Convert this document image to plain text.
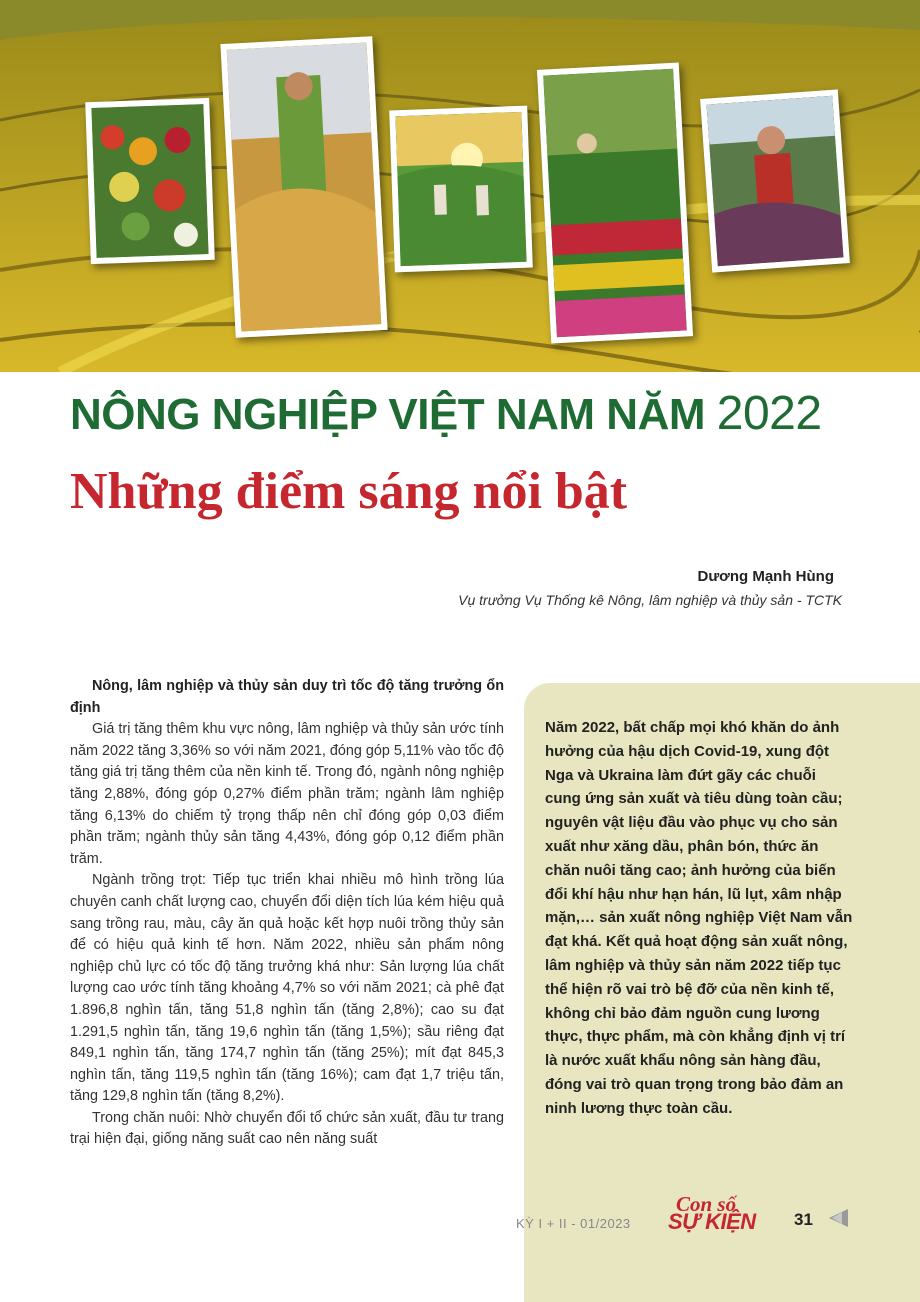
NÔNG NGHIỆP VIỆT NAM NĂM 2022
Những điểm sáng nổi bật
Dương Mạnh Hùng
Vụ trưởng Vụ Thống kê Nông, lâm nghiệp và thủy sản - TCTK

Nông, lâm nghiệp và thủy sản duy trì tốc độ tăng trưởng ổn định

Giá trị tăng thêm khu vực nông, lâm nghiệp và thủy sản ước tính năm 2022 tăng 3,36% so với năm 2021, đóng góp 5,11% vào tốc độ tăng giá trị tăng thêm của nền kinh tế. Trong đó, ngành nông nghiệp tăng 2,88%, đóng góp 0,27% điểm phần trăm; ngành lâm nghiệp tăng 6,13% do chiếm tỷ trọng thấp nên chỉ đóng góp 0,03 điểm phần trăm; ngành thủy sản tăng 4,43%, đóng góp 0,12 điểm phần trăm.

Ngành trồng trọt: Tiếp tục triển khai nhiều mô hình trồng lúa chuyên canh chất lượng cao, chuyển đổi diện tích lúa kém hiệu quả sang trồng rau, màu, cây ăn quả hoặc kết hợp nuôi trồng thủy sản để có hiệu quả kinh tế hơn. Năm 2022, nhiều sản phẩm nông nghiệp chủ lực có tốc độ tăng trưởng khá như: Sản lượng lúa chất lượng cao ước tính tăng khoảng 4,7% so với năm 2021; cà phê đạt 1.896,8 nghìn tấn, tăng 51,8 nghìn tấn (tăng 2,8%); cao su đạt 1.291,5 nghìn tấn, tăng 19,6 nghìn tấn (tăng 1,5%); sầu riêng đạt 849,1 nghìn tấn, tăng 174,7 nghìn tấn (tăng 25%); mít đạt 845,3 nghìn tấn, tăng 119,5 nghìn tấn (tăng 16%); cam đạt 1,7 triệu tấn, tăng 129,8 nghìn tấn (tăng 8,2%).

Trong chăn nuôi: Nhờ chuyển đổi tổ chức sản xuất, đầu tư trang trại hiện đại, giống năng suất cao nên năng suất

Năm 2022, bất chấp mọi khó khăn do ảnh hưởng của hậu dịch Covid-19, xung đột Nga và Ukraina làm đứt gãy các chuỗi cung ứng sản xuất và tiêu dùng toàn cầu; nguyên vật liệu đầu vào phục vụ cho sản xuất như xăng dầu, phân bón, thức ăn chăn nuôi tăng cao; ảnh hưởng của biến đổi khí hậu như hạn hán, lũ lụt, xâm nhập mặn,… sản xuất nông nghiệp Việt Nam vẫn đạt khá. Kết quả hoạt động sản xuất nông, lâm nghiệp và thủy sản năm 2022 tiếp tục thể hiện rõ vai trò bệ đỡ của nền kinh tế, không chỉ bảo đảm nguồn cung lương thực, thực phẩm, mà còn khẳng định vị trí là nước xuất khẩu nông sản hàng đầu, đóng vai trò quan trọng trong bảo đảm an ninh lương thực toàn cầu.
KỲ I + II - 01/2023
Con số
SỰ KIỆN 31
